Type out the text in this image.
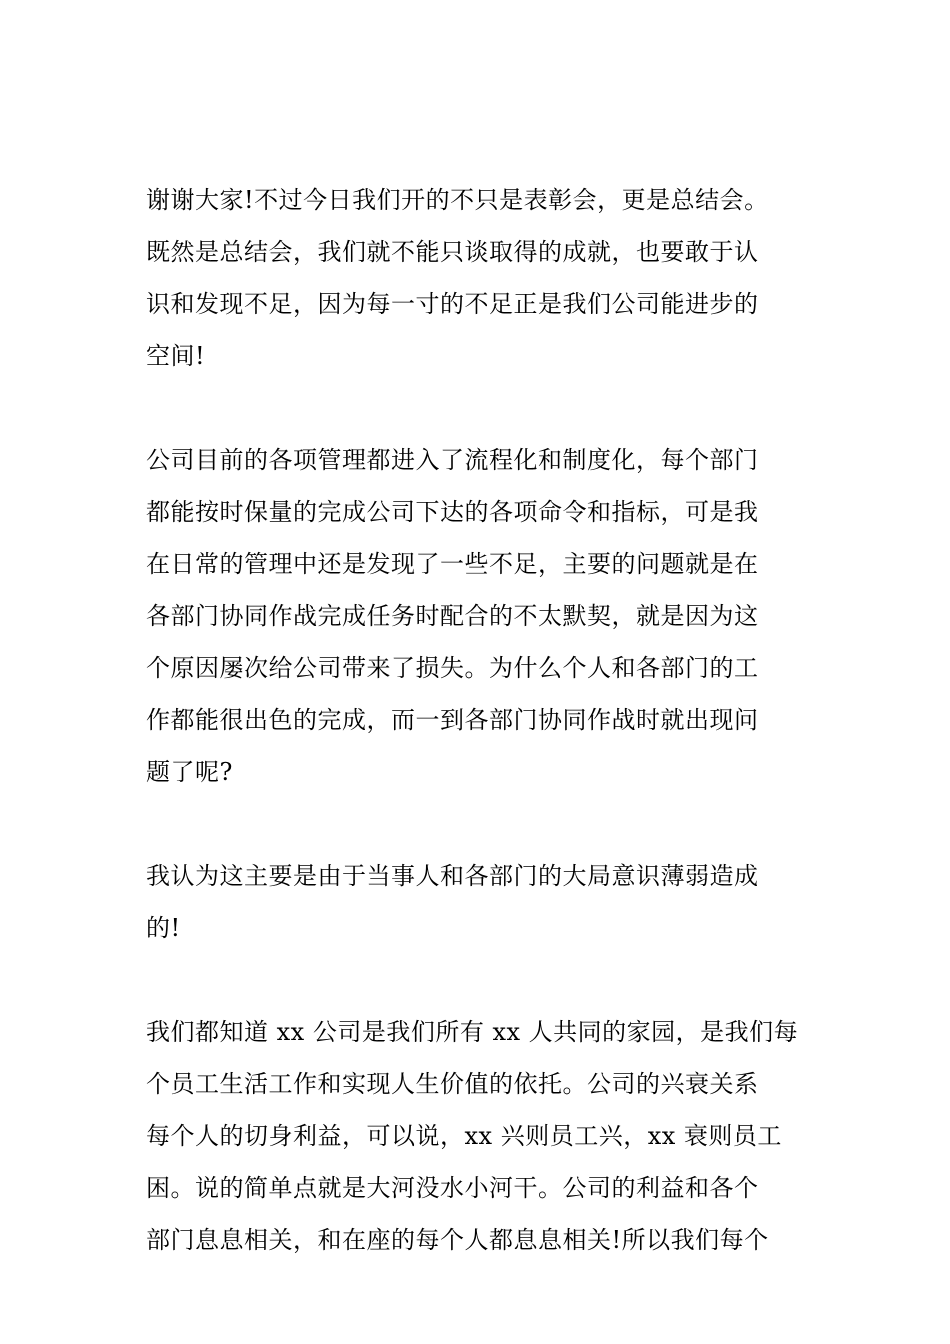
谢谢大家!不过今日我们开的不只是表彰会，更是总结会。
既然是总结会，我们就不能只谈取得的成就，也要敢于认
识和发现不足，因为每一寸的不足正是我们公司能进步的
空间!
公司目前的各项管理都进入了流程化和制度化，每个部门
都能按时保量的完成公司下达的各项命令和指标，可是我
在日常的管理中还是发现了一些不足，主要的问题就是在
各部门协同作战完成任务时配合的不太默契，就是因为这
个原因屡次给公司带来了损失。为什么个人和各部门的工
作都能很出色的完成，而一到各部门协同作战时就出现问
题了呢?
我认为这主要是由于当事人和各部门的大局意识薄弱造成
的!
我们都知道 xx 公司是我们所有 xx 人共同的家园，是我们每
个员工生活工作和实现人生价值的依托。公司的兴衰关系
每个人的切身利益，可以说，xx 兴则员工兴，xx 衰则员工
困。说的简单点就是大河没水小河干。公司的利益和各个
部门息息相关，和在座的每个人都息息相关!所以我们每个
